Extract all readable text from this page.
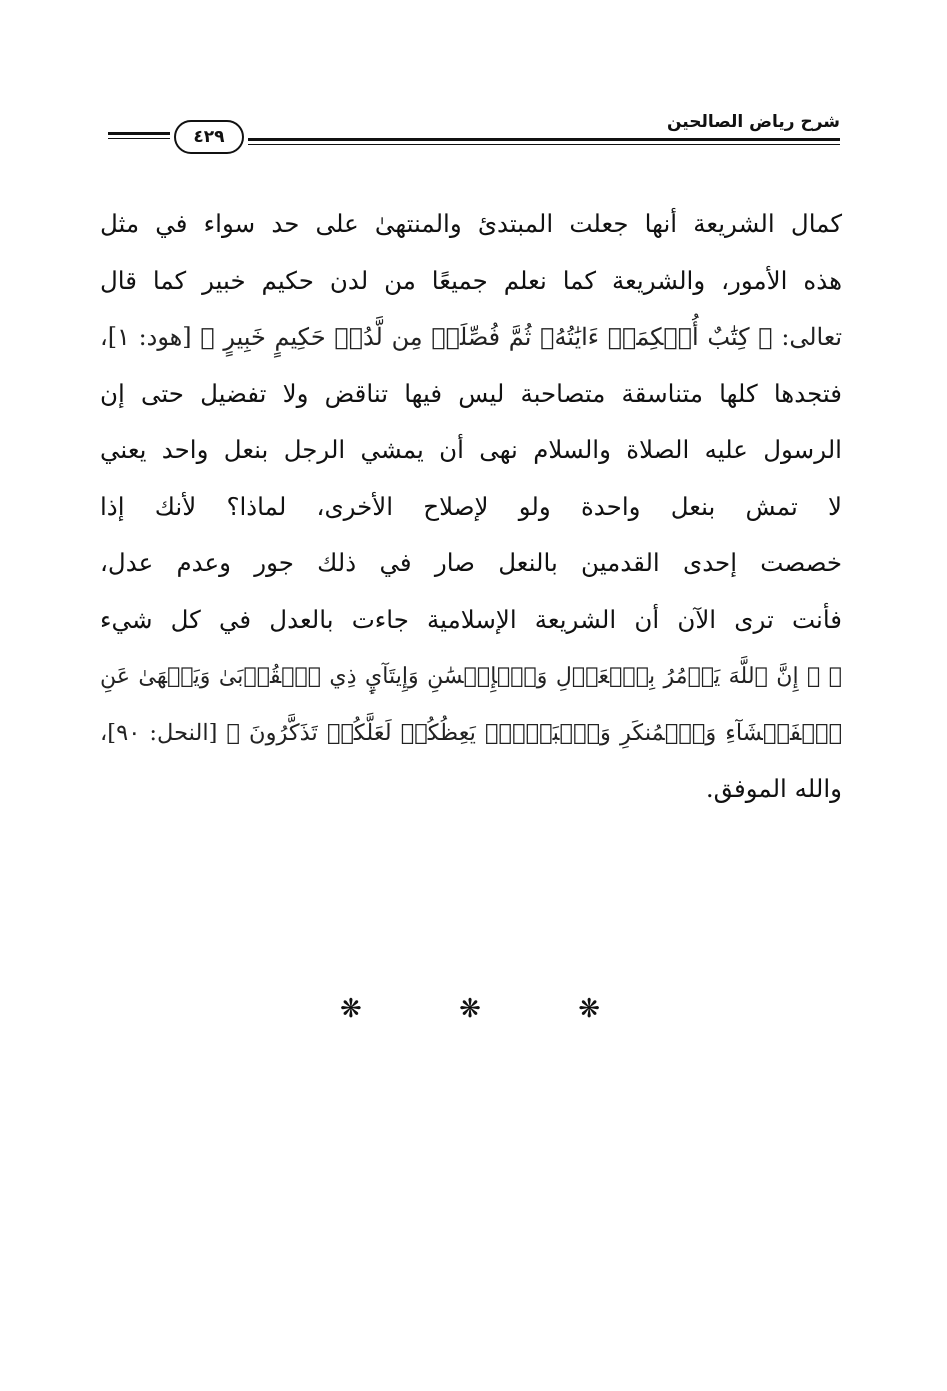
شرح رياض الصالحين
٤٢٩
كمال الشريعة أنها جعلت المبتدئ والمنتهىٰ على حد سواء في مثل
هذه الأمور، والشريعة كما نعلم جميعًا من لدن حكيم خبير كما قال
تعالى: ﴿ كِتَٰبٌ أُحۡكِمَتۡ ءَايَٰتُهُۥ ثُمَّ فُصِّلَتۡ مِن لَّدُنۡ حَكِيمٍ خَبِيرٍ ﴾ [هود: ١]،
فتجدها كلها متناسقة متصاحبة ليس فيها تناقض ولا تفضيل حتى إن
الرسول عليه الصلاة والسلام نهى أن يمشي الرجل بنعل واحد يعني
لا تمش بنعل واحدة ولو لإصلاح الأخرى، لماذا؟ لأنك إذا
خصصت إحدى القدمين بالنعل صار في ذلك جور وعدم عدل،
فأنت ترى الآن أن الشريعة الإسلامية جاءت بالعدل في كل شيء
﴿ ۞ إِنَّ ٱللَّهَ يَأۡمُرُ بِٱلۡعَدۡلِ وَٱلۡإِحۡسَٰنِ وَإِيتَآيِٕ ذِي ٱلۡقُرۡبَىٰ وَيَنۡهَىٰ عَنِ
ٱلۡفَحۡشَآءِ وَٱلۡمُنكَرِ وَٱلۡبَغۡيِۚ يَعِظُكُمۡ لَعَلَّكُمۡ تَذَكَّرُونَ ﴾ [النحل: ٩٠]،
والله الموفق.
❋	❋	❋
